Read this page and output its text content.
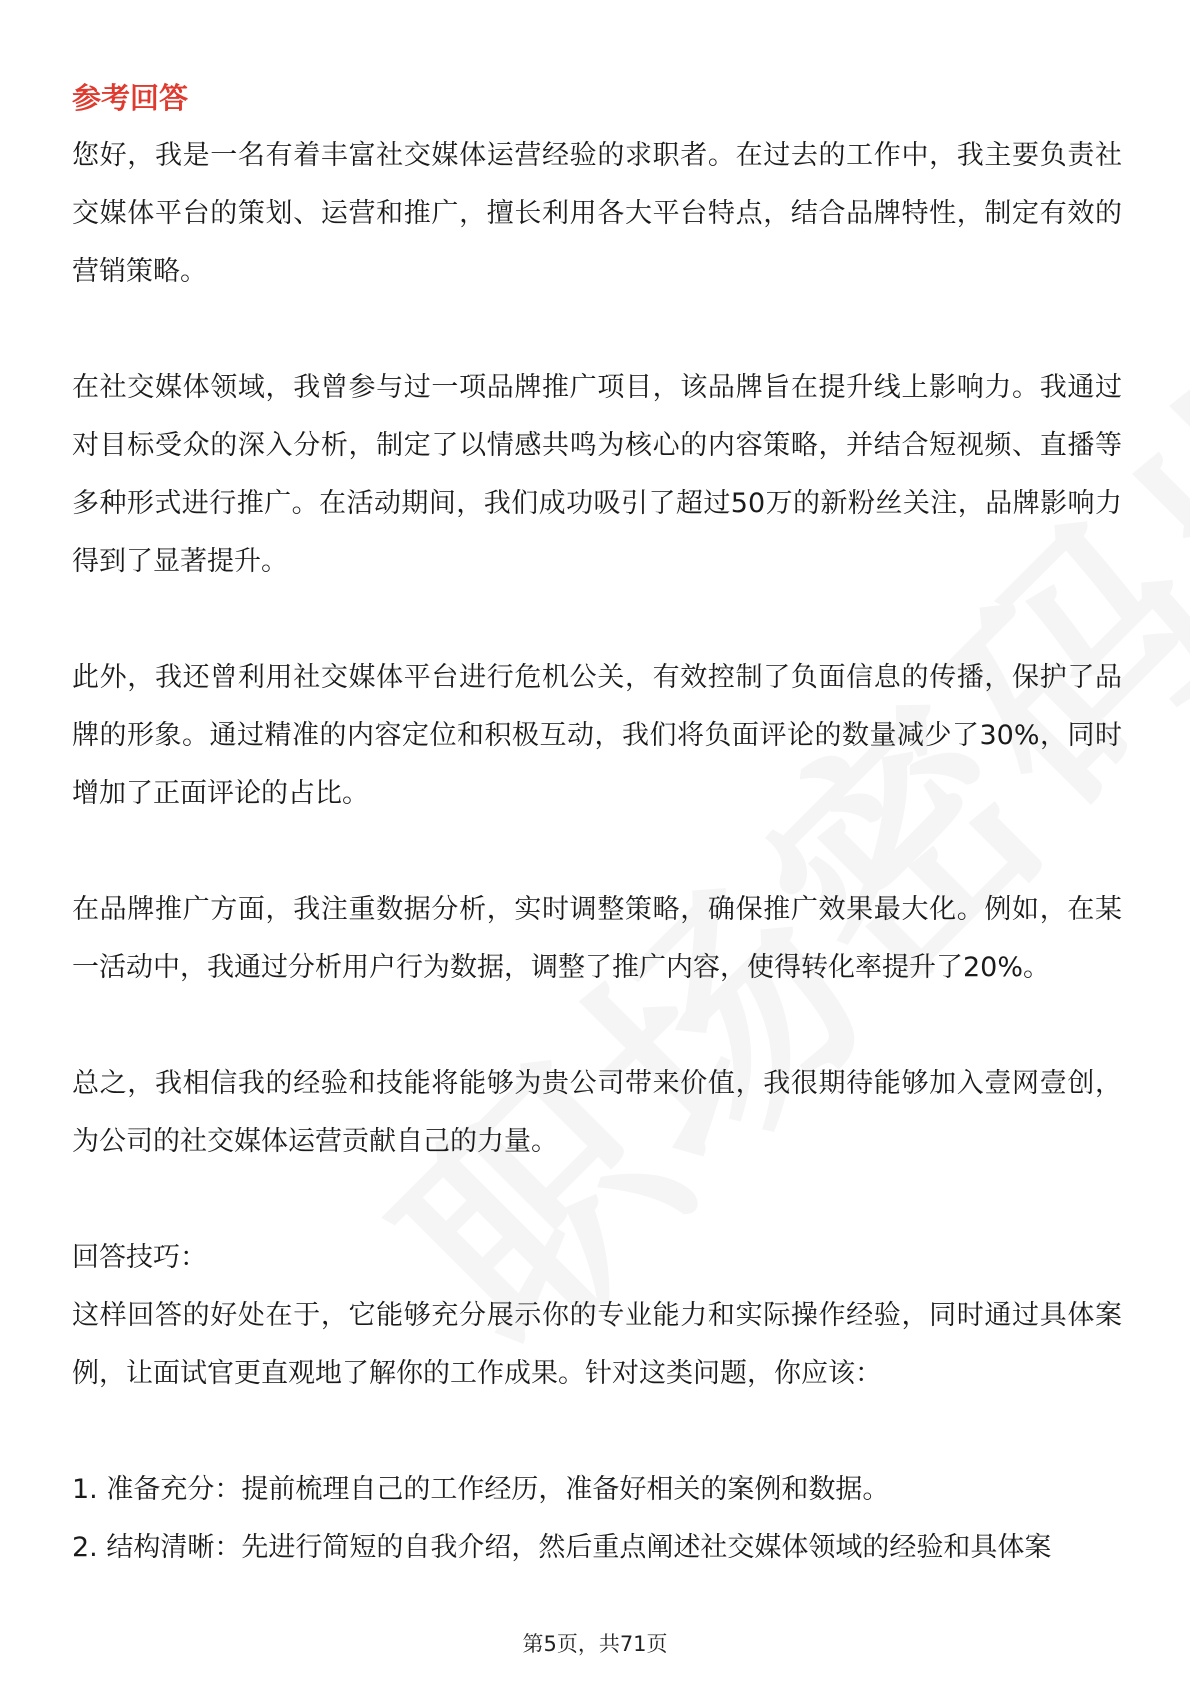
参考回答

您好，我是一名有着丰富社交媒体运营经验的求职者。在过去的工作中，我主要负责社交媒体平台的策划、运营和推广，擅长利用各大平台特点，结合品牌特性，制定有效的营销策略。

在社交媒体领域，我曾参与过一项品牌推广项目，该品牌旨在提升线上影响力。我通过对目标受众的深入分析，制定了以情感共鸣为核心的内容策略，并结合短视频、直播等多种形式进行推广。在活动期间，我们成功吸引了超过50万的新粉丝关注，品牌影响力得到了显著提升。

此外，我还曾利用社交媒体平台进行危机公关，有效控制了负面信息的传播，保护了品牌的形象。通过精准的内容定位和积极互动，我们将负面评论的数量减少了30%，同时增加了正面评论的占比。

在品牌推广方面，我注重数据分析，实时调整策略，确保推广效果最大化。例如，在某一活动中，我通过分析用户行为数据，调整了推广内容，使得转化率提升了20%。

总之，我相信我的经验和技能将能够为贵公司带来价值，我很期待能够加入壹网壹创，为公司的社交媒体运营贡献自己的力量。

回答技巧：

这样回答的好处在于，它能够充分展示你的专业能力和实际操作经验，同时通过具体案例，让面试官更直观地了解你的工作成果。针对这类问题，你应该：

1. 准备充分：提前梳理自己的工作经历，准备好相关的案例和数据。
2. 结构清晰：先进行简短的自我介绍，然后重点阐述社交媒体领域的经验和具体案
第5页，共71页
